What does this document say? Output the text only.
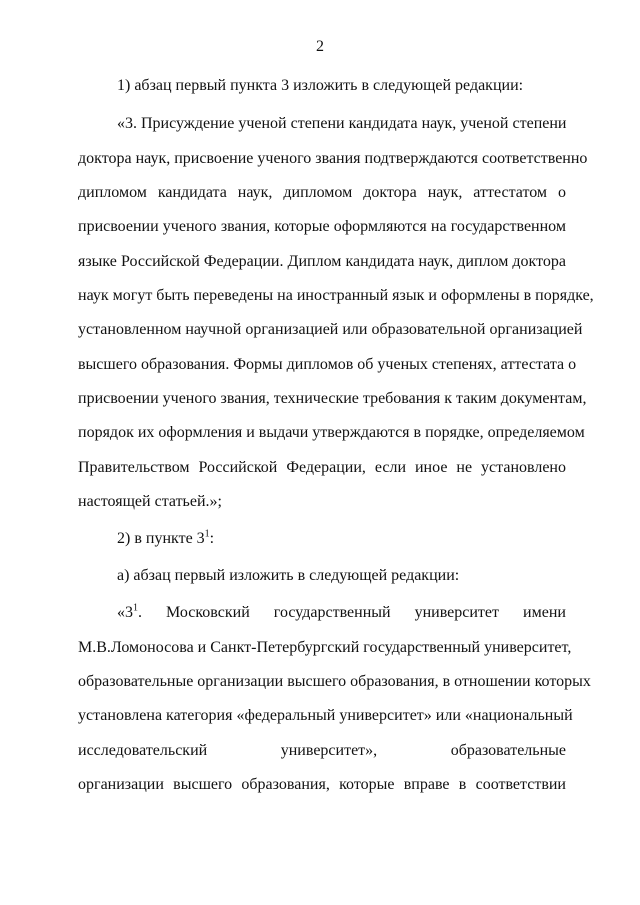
2
1) абзац первый пункта 3 изложить в следующей редакции:
«3. Присуждение ученой степени кандидата наук, ученой степени
доктора наук, присвоение ученого звания подтверждаются соответственно
дипломом кандидата наук, дипломом доктора наук, аттестатом о
присвоении ученого звания, которые оформляются на государственном
языке Российской Федерации. Диплом кандидата наук, диплом доктора
наук могут быть переведены на иностранный язык и оформлены в порядке,
установленном научной организацией или образовательной организацией
высшего образования. Формы дипломов об ученых степенях, аттестата о
присвоении ученого звания, технические требования к таким документам,
порядок их оформления и выдачи утверждаются в порядке, определяемом
Правительством Российской Федерации, если иное не установлено
настоящей статьей.»;
2) в пункте $3^1$:
а) абзац первый изложить в следующей редакции:
«$3^1$. Московский государственный университет имени
М.В.Ломоносова и Санкт-Петербургский государственный университет,
образовательные организации высшего образования, в отношении которых
установлена категория «федеральный университет» или «национальный
исследовательский университет», образовательные
организации высшего образования, которые вправе в соответствии
